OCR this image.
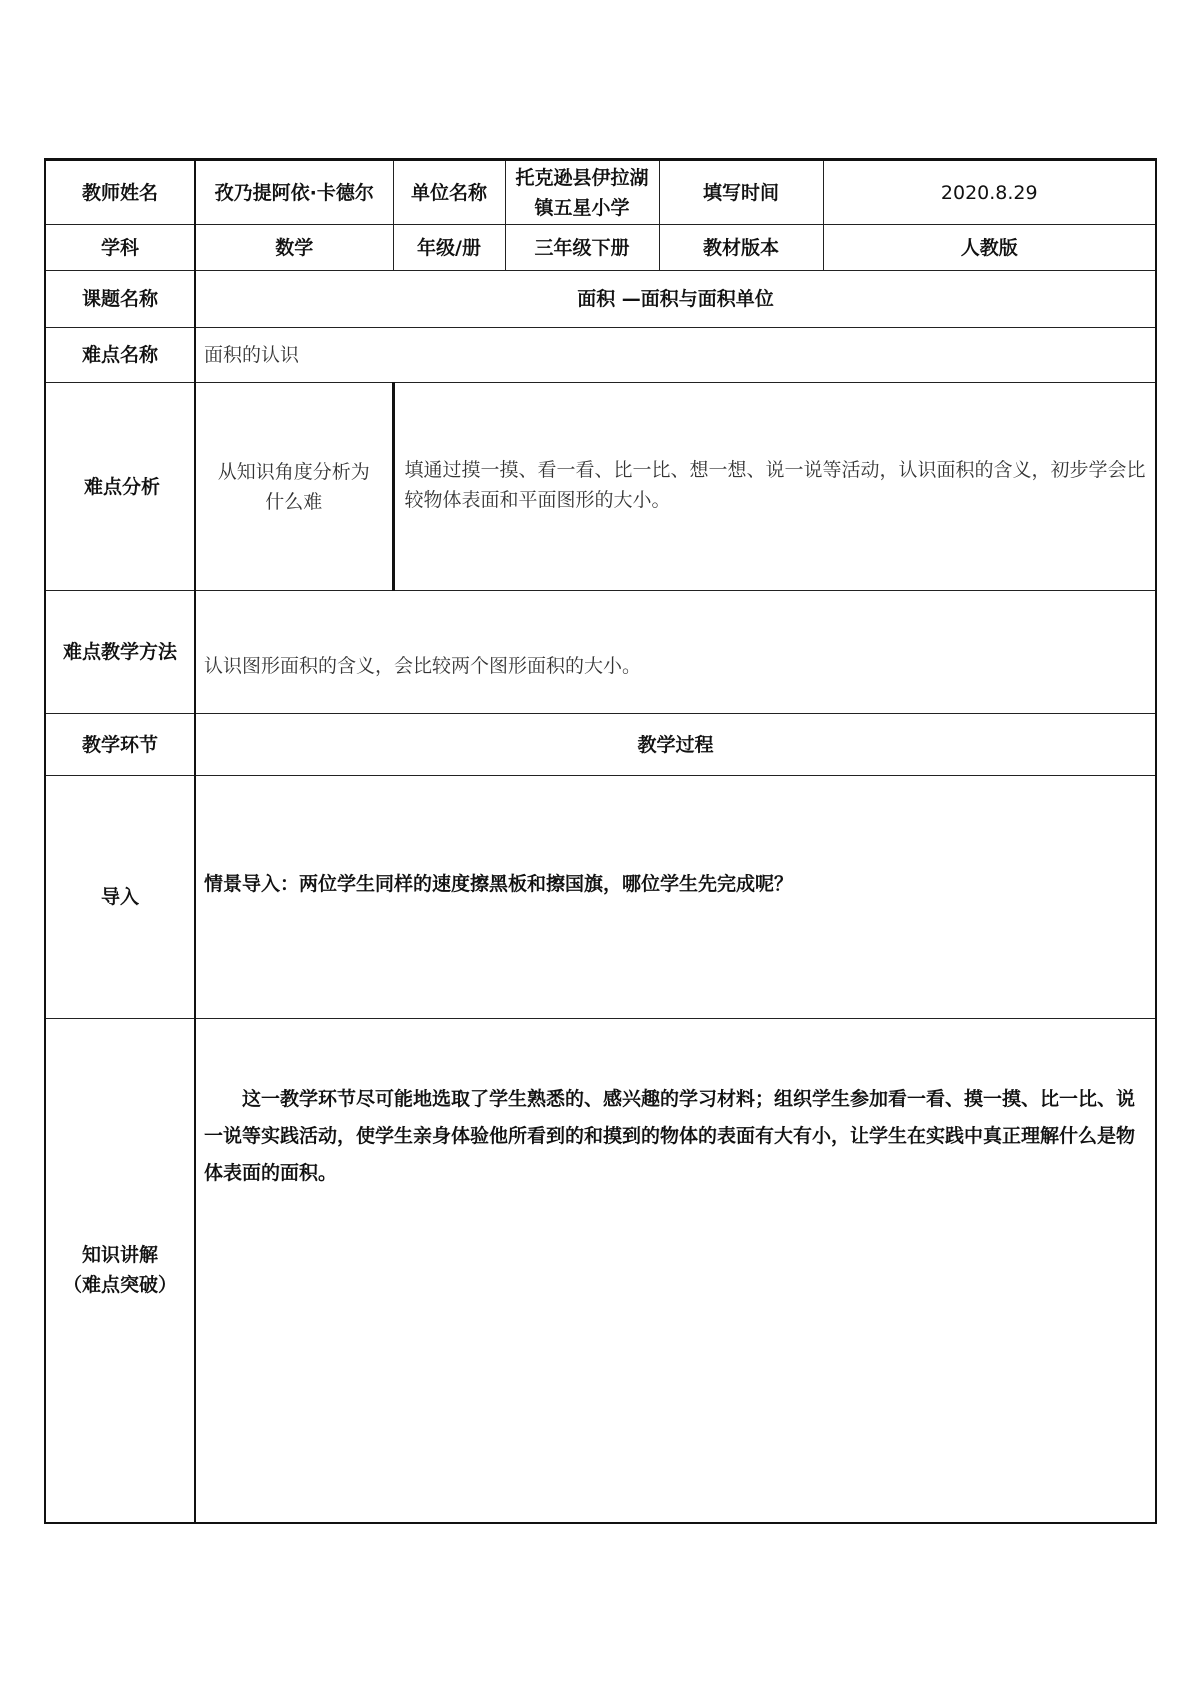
教师姓名	孜乃提阿依·卡德尔	单位名称	托克逊县伊拉湖镇五星小学	填写时间	2020.8.29
学科	数学	年级/册	三年级下册	教材版本	人教版
课题名称	面积 —面积与面积单位				
难点名称	面积的认识				
难点分析	从知识角度分析为什么难	填通过摸一摸、看一看、比一比、想一想、说一说等活动，认识面积的含义，初步学会比较物体表面和平面图形的大小。			
难点教学方法	认识图形面积的含义，会比较两个图形面积的大小。				
教学环节	教学过程				
导入	情景导入：两位学生同样的速度擦黑板和擦国旗，哪位学生先完成呢？				

知识讲解
（难点突破）	这一教学环节尽可能地选取了学生熟悉的、感兴趣的学习材料；组织学生参加看一看、摸一摸、比一比、说一说等实践活动，使学生亲身体验他所看到的和摸到的物体的表面有大有小，让学生在实践中真正理解什么是物体表面的面积。				
